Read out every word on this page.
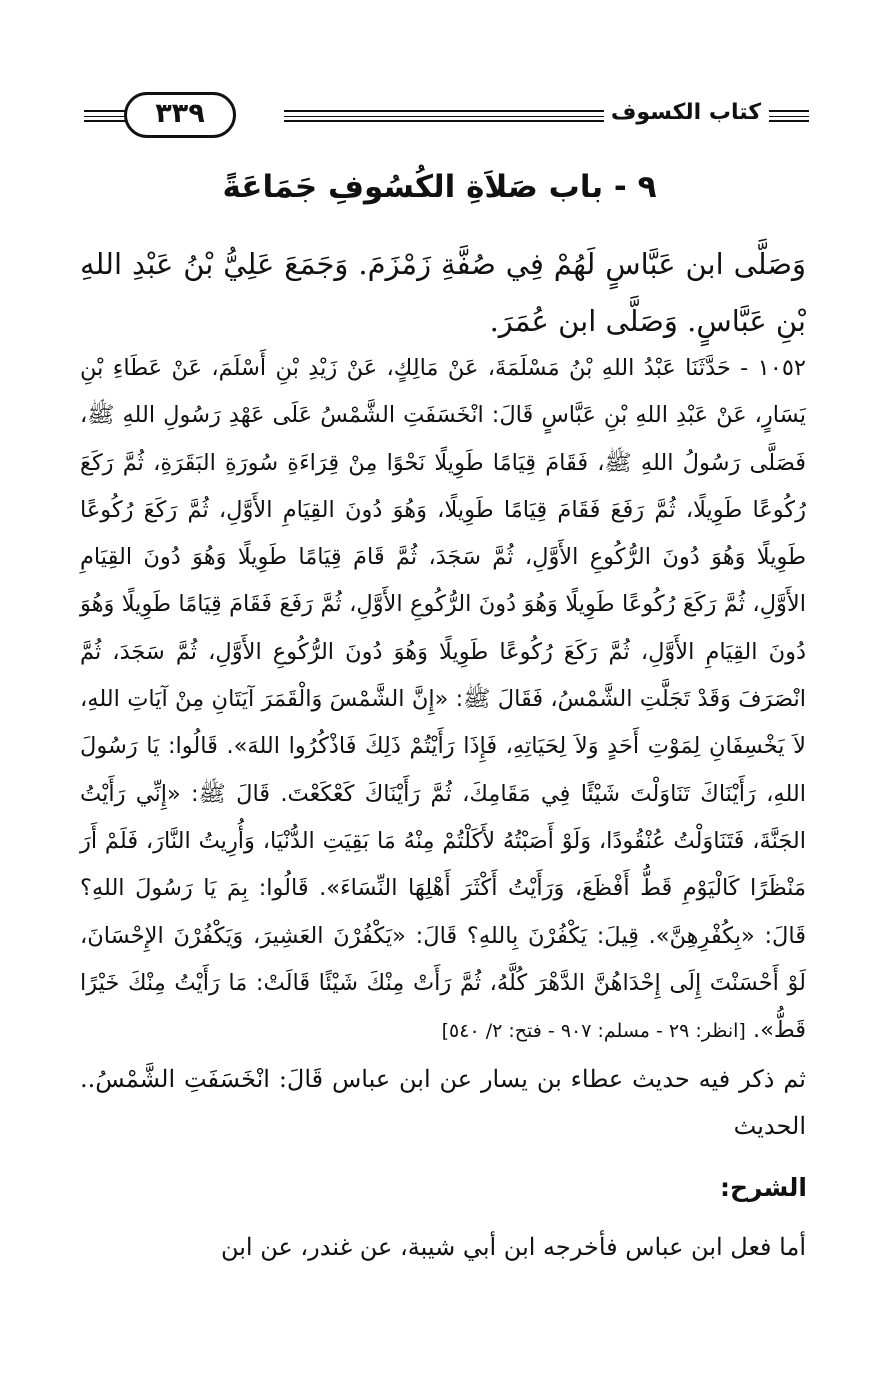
٣٣٩	كتاب الكسوف
٩ - باب صَلاَةِ الكُسُوفِ جَمَاعَةً
وَصَلَّى ابن عَبَّاسٍ لَهُمْ فِي صُفَّةِ زَمْزَمَ. وَجَمَعَ عَلِيُّ بْنُ عَبْدِ اللهِ بْنِ عَبَّاسٍ. وَصَلَّى ابن عُمَرَ.
١٠٥٢ - حَدَّثَنَا عَبْدُ اللهِ بْنُ مَسْلَمَةَ، عَنْ مَالِكٍ، عَنْ زَيْدِ بْنِ أَسْلَمَ، عَنْ عَطَاءِ بْنِ يَسَارٍ، عَنْ عَبْدِ اللهِ بْنِ عَبَّاسٍ قَالَ: انْخَسَفَتِ الشَّمْسُ عَلَى عَهْدِ رَسُولِ اللهِ ﷺ، فَصَلَّى رَسُولُ اللهِ ﷺ، فَقَامَ قِيَامًا طَوِيلًا نَحْوًا مِنْ قِرَاءَةِ سُورَةِ البَقَرَةِ، ثُمَّ رَكَعَ رُكُوعًا طَوِيلًا، ثُمَّ رَفَعَ فَقَامَ قِيَامًا طَوِيلًا، وَهُوَ دُونَ القِيَامِ الأَوَّلِ، ثُمَّ رَكَعَ رُكُوعًا طَوِيلًا وَهُوَ دُونَ الرُّكُوعِ الأَوَّلِ، ثُمَّ سَجَدَ، ثُمَّ قَامَ قِيَامًا طَوِيلًا وَهُوَ دُونَ القِيَامِ الأَوَّلِ، ثُمَّ رَكَعَ رُكُوعًا طَوِيلًا وَهُوَ دُونَ الرُّكُوعِ الأَوَّلِ، ثُمَّ رَفَعَ فَقَامَ قِيَامًا طَوِيلًا وَهُوَ دُونَ القِيَامِ الأَوَّلِ، ثُمَّ رَكَعَ رُكُوعًا طَوِيلًا وَهُوَ دُونَ الرُّكُوعِ الأَوَّلِ، ثُمَّ سَجَدَ، ثُمَّ انْصَرَفَ وَقَدْ تَجَلَّتِ الشَّمْسُ، فَقَالَ ﷺ: «إِنَّ الشَّمْسَ وَالْقَمَرَ آيَتَانِ مِنْ آيَاتِ اللهِ، لاَ يَخْسِفَانِ لِمَوْتِ أَحَدٍ وَلاَ لِحَيَاتِهِ، فَإِذَا رَأَيْتُمْ ذَلِكَ فَاذْكُرُوا اللهَ». قَالُوا: يَا رَسُولَ اللهِ، رَأَيْنَاكَ تَنَاوَلْتَ شَيْئًا فِي مَقَامِكَ، ثُمَّ رَأَيْنَاكَ كَعْكَعْتَ. قَالَ ﷺ: «إِنِّي رَأَيْتُ الجَنَّةَ، فَتَنَاوَلْتُ عُنْقُودًا، وَلَوْ أَصَبْتُهُ لأَكَلْتُمْ مِنْهُ مَا بَقِيَتِ الدُّنْيَا، وَأُرِيتُ النَّارَ، فَلَمْ أَرَ مَنْظَرًا كَالْيَوْمِ قَطُّ أَفْظَعَ، وَرَأَيْتُ أَكْثَرَ أَهْلِهَا النِّسَاءَ». قَالُوا: بِمَ يَا رَسُولَ اللهِ؟ قَالَ: «بِكُفْرِهِنَّ». قِيلَ: يَكْفُرْنَ بِاللهِ؟ قَالَ: «يَكْفُرْنَ العَشِيرَ، وَيَكْفُرْنَ الإِحْسَانَ، لَوْ أَحْسَنْتَ إِلَى إِحْدَاهُنَّ الدَّهْرَ كُلَّهُ، ثُمَّ رَأَتْ مِنْكَ شَيْئًا قَالَتْ: مَا رَأَيْتُ مِنْكَ خَيْرًا قَطُّ». [انظر: ٢٩ - مسلم: ٩٠٧ - فتح: ٢/ ٥٤٠]
ثم ذكر فيه حديث عطاء بن يسار عن ابن عباس قَالَ: انْخَسَفَتِ الشَّمْسُ.. الحديث
الشرح:
أما فعل ابن عباس فأخرجه ابن أبي شيبة، عن غندر، عن ابن
